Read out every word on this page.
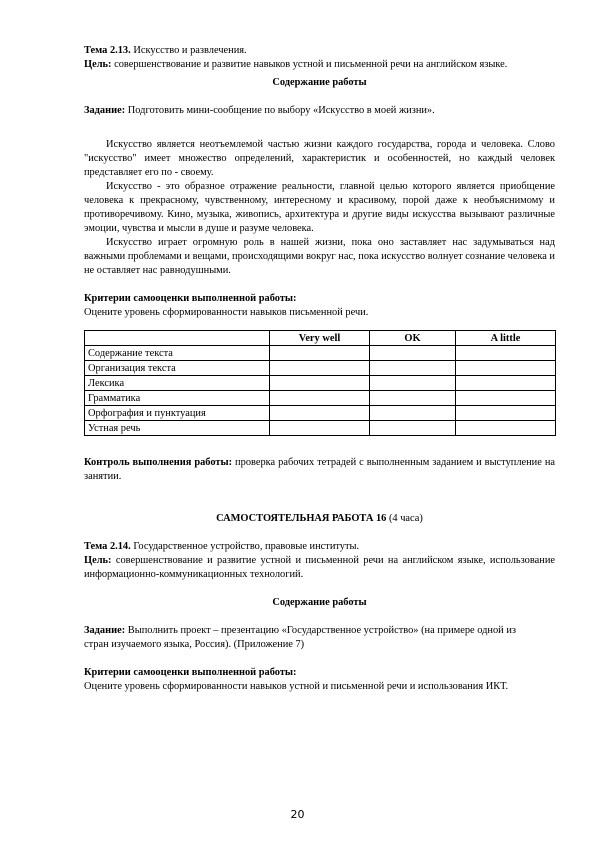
Тема 2.13. Искусство и развлечения.

Цель: совершенствование и развитие навыков устной и письменной речи на английском языке.

Содержание работы

Задание: Подготовить мини-сообщение по выбору «Искусство в моей жизни».

Искусство является неотъемлемой частью жизни каждого государства, города и человека. Слово "искусство" имеет множество определений, характеристик и особенностей, но каждый человек представляет его по - своему.

Искусство - это образное отражение реальности, главной целью которого является приобщение человека к прекрасному, чувственному, интересному и красивому, порой даже к необъяснимому и противоречивому. Кино, музыка, живопись, архитектура и другие виды искусства вызывают различные эмоции, чувства и мысли в душе и разуме человека.

Искусство играет огромную роль в нашей жизни, пока оно заставляет нас задумываться над важными проблемами и вещами, происходящими вокруг нас, пока искусство волнует сознание человека и не оставляет нас равнодушными.

Критерии самооценки выполненной работы:

Оцените уровень сформированности навыков письменной речи.

	Very well	OK	A little
Содержание текста			
Организация текста			
Лексика			
Грамматика			
Орфография и пунктуация			
Устная речь			

Контроль выполнения работы: проверка рабочих тетрадей с выполненным заданием и выступление на занятии.

САМОСТОЯТЕЛЬНАЯ РАБОТА 16 (4 часа)

Тема 2.14. Государственное устройство, правовые институты.

Цель: совершенствование и развитие устной и письменной речи на английском языке, использование информационно-коммуникационных технологий.

Содержание работы

Задание: Выполнить проект – презентацию «Государственное устройство» (на примере одной из стран изучаемого языка, Россия). (Приложение 7)

Критерии самооценки выполненной работы:

Оцените уровень сформированности навыков устной и письменной речи и использования ИКТ.

20
